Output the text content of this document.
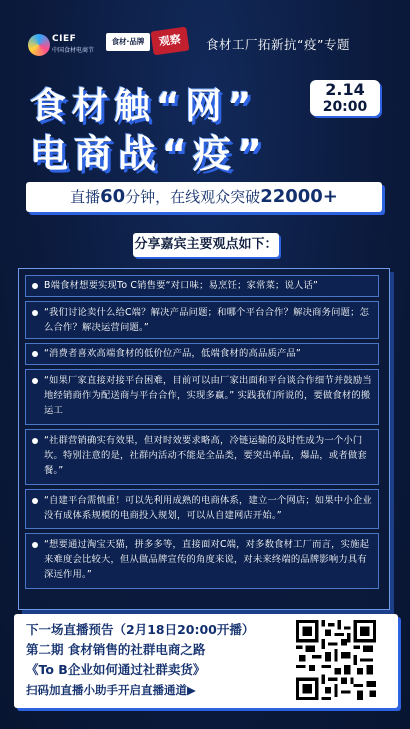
CIEF
中国食材电商节
食材·品牌	观察	食材工厂拓新抗“疫”专题
食材触“网”
电商战“疫”
2.14
20:00
直播60分钟，在线观众突破22000+
分享嘉宾主要观点如下：
B端食材想要实现To C销售要“对口味；易烹饪；家常菜；说人话”
“我们讨论卖什么给C端？解决产品问题；和哪个平台合作？解决商务问题；怎么合作？解决运营问题。”
“消费者喜欢高端食材的低价位产品，低端食材的高品质产品”
“如果厂家直接对接平台困难，目前可以由厂家出面和平台谈合作细节并鼓励当地经销商作为配送商与平台合作，实现多赢。” 实践我们所说的，要做食材的搬运工
“社群营销确实有效果，但对时效要求略高，冷链运输的及时性成为一个小门坎。特别注意的是，社群内活动不能是全品类，要突出单品，爆品，或者做套餐。”
“自建平台需慎重！可以先利用成熟的电商体系，建立一个网店；如果中小企业没有成体系规模的电商投入规划，可以从自建网店开始。”
“想要通过淘宝天猫，拼多多等，直接面对C端，对多数食材工厂而言，实施起来难度会比较大，但从做品牌宣传的角度来说，对未来终端的品牌影响力具有深远作用。”
下一场直播预告（2月18日20:00开播）
第二期 食材销售的社群电商之路
《To B企业如何通过社群卖货》
扫码加直播小助手开启直播通道▶
